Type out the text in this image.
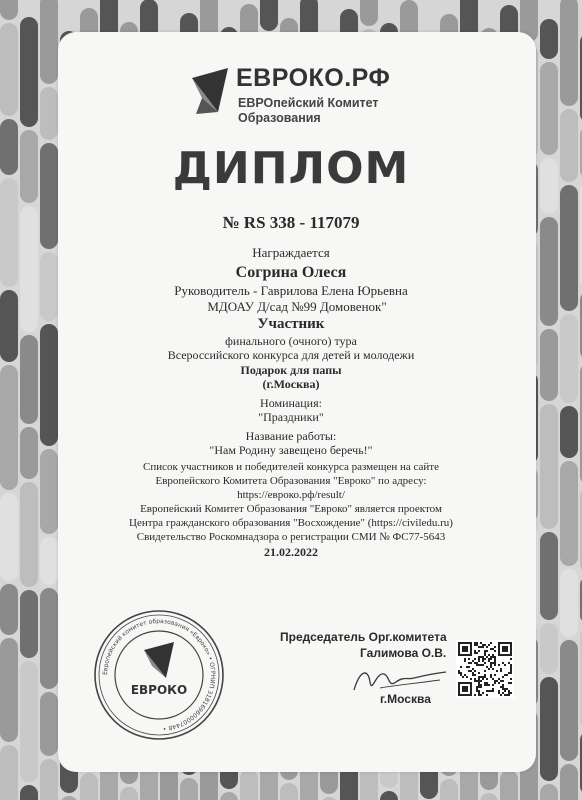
ЕВРОКО.РФ
ЕВРОпейский Комитет
Образования
ДИПЛОМ
№ RS 338 - 117079
Награждается
Согрина Олеся
Руководитель - Гаврилова Елена Юрьевна
МДОАУ Д/сад №99 Домовенок"
Участник
финального (очного) тура
Всероссийского конкурса для детей и молодежи
Подарок для папы
(г.Москва)
Номинация:
"Праздники"
Название работы:
"Нам Родину завещено беречь!"
Список участников и победителей конкурса размещен на сайте
Европейского Комитета Образования "Евроко" по адресу:
https://евроко.рф/result/
Европейский Комитет Образования "Евроко" является проектом
Центра гражданского образования "Восхождение" (https://civiledu.ru)
Свидетельство Роскомнадзора о регистрации СМИ № ФС77-5643
21.02.2022
Европейский комитет образования «Евроко» • ОГРНИП 318169600007448 •
ЕВРОКО
Председатель Орг.комитета
Галимова О.В.
г.Москва
